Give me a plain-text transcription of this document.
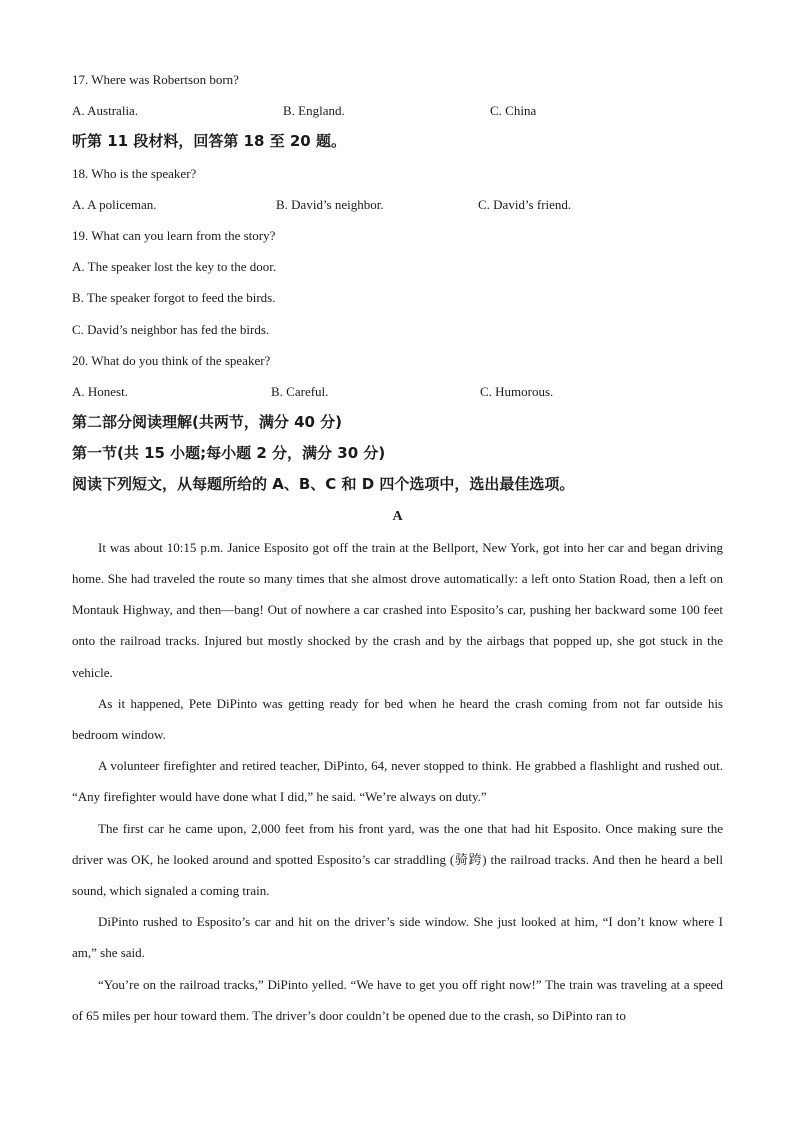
17. Where was Robertson born?
A. Australia.	B. England.	C. China
听第 11 段材料，回答第 18 至 20 题。
18. Who is the speaker?
A. A policeman.	B. David’s neighbor.	C. David’s friend.
19. What can you learn from the story?
A. The speaker lost the key to the door.
B. The speaker forgot to feed the birds.
C. David’s neighbor has fed the birds.
20. What do you think of the speaker?
A. Honest.	B. Careful.	C. Humorous.
第二部分阅读理解(共两节，满分 40 分)
第一节(共 15 小题;每小题 2 分，满分 30 分)
阅读下列短文，从每题所给的 A、B、C 和 D 四个选项中，选出最佳选项。
A

It was about 10:15 p.m. Janice Esposito got off the train at the Bellport, New York, got into her car and began driving home. She had traveled the route so many times that she almost drove automatically: a left onto Station Road, then a left on Montauk Highway, and then—bang! Out of nowhere a car crashed into Esposito’s car, pushing her backward some 100 feet onto the railroad tracks. Injured but mostly shocked by the crash and by the airbags that popped up, she got stuck in the vehicle.

As it happened, Pete DiPinto was getting ready for bed when he heard the crash coming from not far outside his bedroom window.

A volunteer firefighter and retired teacher, DiPinto, 64, never stopped to think. He grabbed a flashlight and rushed out. “Any firefighter would have done what I did,” he said. “We’re always on duty.”

The first car he came upon, 2,000 feet from his front yard, was the one that had hit Esposito. Once making sure the driver was OK, he looked around and spotted Esposito’s car straddling (骑跨) the railroad tracks. And then he heard a bell sound, which signaled a coming train.

DiPinto rushed to Esposito’s car and hit on the driver’s side window. She just looked at him, “I don’t know where I am,” she said.

“You’re on the railroad tracks,” DiPinto yelled. “We have to get you off right now!” The train was traveling at a speed of 65 miles per hour toward them. The driver’s door couldn’t be opened due to the crash, so DiPinto ran to
